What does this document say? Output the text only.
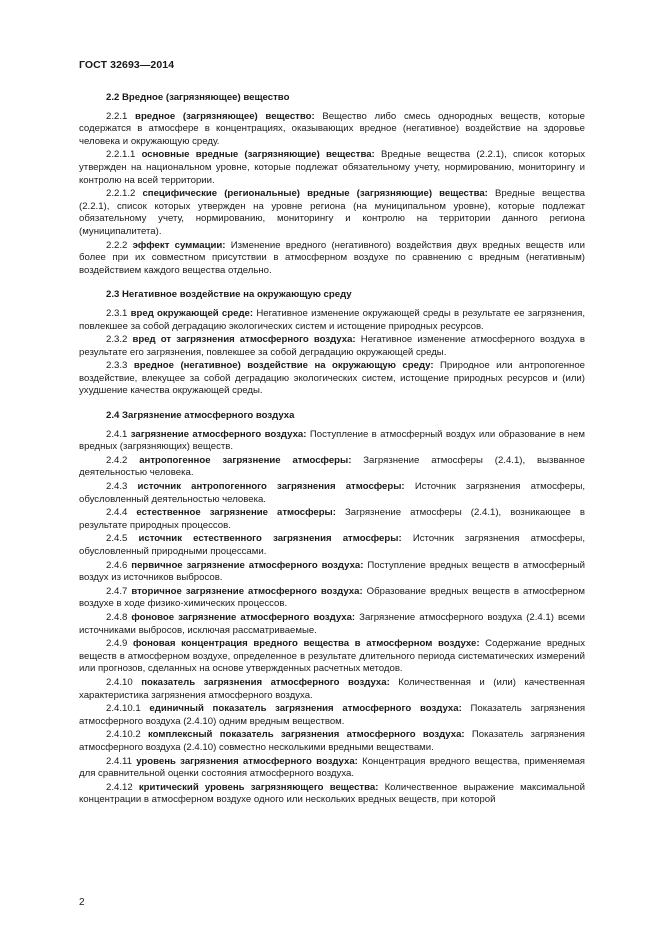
ГОСТ 32693—2014
2.2 Вредное (загрязняющее) вещество
2.2.1 вредное (загрязняющее) вещество: Вещество либо смесь однородных веществ, которые содержатся в атмосфере в концентрациях, оказывающих вредное (негативное) воздействие на здоровье человека и окружающую среду.
2.2.1.1 основные вредные (загрязняющие) вещества: Вредные вещества (2.2.1), список которых утвержден на национальном уровне, которые подлежат обязательному учету, нормированию, мониторингу и контролю на всей территории.
2.2.1.2 специфические (региональные) вредные (загрязняющие) вещества: Вредные вещества (2.2.1), список которых утвержден на уровне региона (на муниципальном уровне), которые подлежат обязательному учету, нормированию, мониторингу и контролю на территории данного региона (муниципалитета).
2.2.2 эффект суммации: Изменение вредного (негативного) воздействия двух вредных веществ или более при их совместном присутствии в атмосферном воздухе по сравнению с вредным (негативным) воздействием каждого вещества отдельно.
2.3 Негативное воздействие на окружающую среду
2.3.1 вред окружающей среде: Негативное изменение окружающей среды в результате ее загрязнения, повлекшее за собой деградацию экологических систем и истощение природных ресурсов.
2.3.2 вред от загрязнения атмосферного воздуха: Негативное изменение атмосферного воздуха в результате его загрязнения, повлекшее за собой деградацию окружающей среды.
2.3.3 вредное (негативное) воздействие на окружающую среду: Природное или антропогенное воздействие, влекущее за собой деградацию экологических систем, истощение природных ресурсов и (или) ухудшение качества окружающей среды.
2.4 Загрязнение атмосферного воздуха
2.4.1 загрязнение атмосферного воздуха: Поступление в атмосферный воздух или образование в нем вредных (загрязняющих) веществ.
2.4.2 антропогенное загрязнение атмосферы: Загрязнение атмосферы (2.4.1), вызванное деятельностью человека.
2.4.3 источник антропогенного загрязнения атмосферы: Источник загрязнения атмосферы, обусловленный деятельностью человека.
2.4.4 естественное загрязнение атмосферы: Загрязнение атмосферы (2.4.1), возникающее в результате природных процессов.
2.4.5 источник естественного загрязнения атмосферы: Источник загрязнения атмосферы, обусловленный природными процессами.
2.4.6 первичное загрязнение атмосферного воздуха: Поступление вредных веществ в атмосферный воздух из источников выбросов.
2.4.7 вторичное загрязнение атмосферного воздуха: Образование вредных веществ в атмосферном воздухе в ходе физико-химических процессов.
2.4.8 фоновое загрязнение атмосферного воздуха: Загрязнение атмосферного воздуха (2.4.1) всеми источниками выбросов, исключая рассматриваемые.
2.4.9 фоновая концентрация вредного вещества в атмосферном воздухе: Содержание вредных веществ в атмосферном воздухе, определенное в результате длительного периода систематических измерений или прогнозов, сделанных на основе утвержденных расчетных методов.
2.4.10 показатель загрязнения атмосферного воздуха: Количественная и (или) качественная характеристика загрязнения атмосферного воздуха.
2.4.10.1 единичный показатель загрязнения атмосферного воздуха: Показатель загрязнения атмосферного воздуха (2.4.10) одним вредным веществом.
2.4.10.2 комплексный показатель загрязнения атмосферного воздуха: Показатель загрязнения атмосферного воздуха (2.4.10) совместно несколькими вредными веществами.
2.4.11 уровень загрязнения атмосферного воздуха: Концентрация вредного вещества, применяемая для сравнительной оценки состояния атмосферного воздуха.
2.4.12 критический уровень загрязняющего вещества: Количественное выражение максимальной концентрации в атмосферном воздухе одного или нескольких вредных веществ, при которой
2
